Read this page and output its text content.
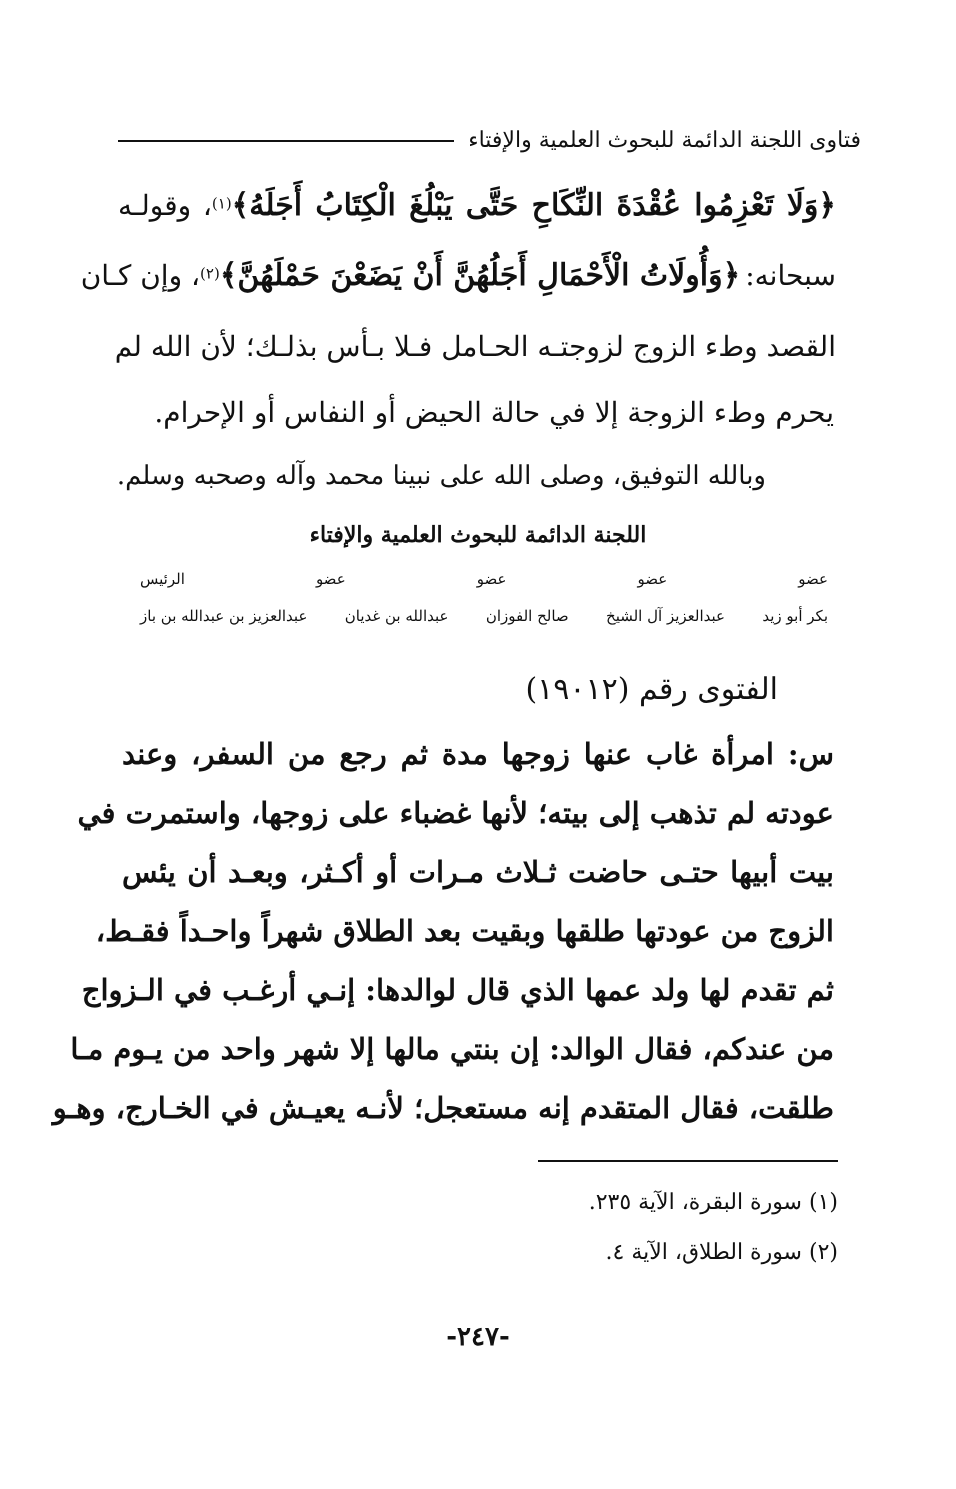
فتاوى اللجنة الدائمة للبحوث العلمية والإفتاء
﴿وَلَا تَعْزِمُوا عُقْدَةَ النِّكَاحِ حَتَّى يَبْلُغَ الْكِتَابُ أَجَلَهُ﴾(١)، وقولـه
سبحانه: ﴿وَأُولَاتُ الْأَحْمَالِ أَجَلُهُنَّ أَنْ يَضَعْنَ حَمْلَهُنَّ﴾(٢)، وإن كـان
القصد وطء الزوج لزوجتـه الحـامل فـلا بـأس بذلـك؛ لأن الله لم
يحرم وطء الزوجة إلا في حالة الحيض أو النفاس أو الإحرام.
وبالله التوفيق، وصلى الله على نبينا محمد وآله وصحبه وسلم.
اللجنة الدائمة للبحوث العلمية والإفتاء
عضو
عضو
عضو
عضو
الرئيس
بكر أبو زيد
عبدالعزيز آل الشيخ
صالح الفوزان
عبدالله بن غديان
عبدالعزيز بن عبدالله بن باز
الفتوى رقم (١٩٠١٢)
س: امرأة غاب عنها زوجها مدة ثم رجع من السفر، وعند
عودته لم تذهب إلى بيته؛ لأنها غضباء على زوجها، واستمرت في
بيت أبيها حتـى حاضت ثـلاث مـرات أو أكـثر، وبعـد أن يئس
الزوج من عودتها طلقها وبقيت بعد الطلاق شهراً واحـداً فقـط،
ثم تقدم لها ولد عمها الذي قال لوالدها: إنـي أرغـب في الـزواج
من عندكم، فقال الوالد: إن بنتي مالها إلا شهر واحد من يـوم مـا
طلقت، فقال المتقدم إنه مستعجل؛ لأنـه يعيـش في الخـارج، وهـو
(١) سورة البقرة، الآية ٢٣٥.
(٢) سورة الطلاق، الآية ٤.
-٢٤٧-
